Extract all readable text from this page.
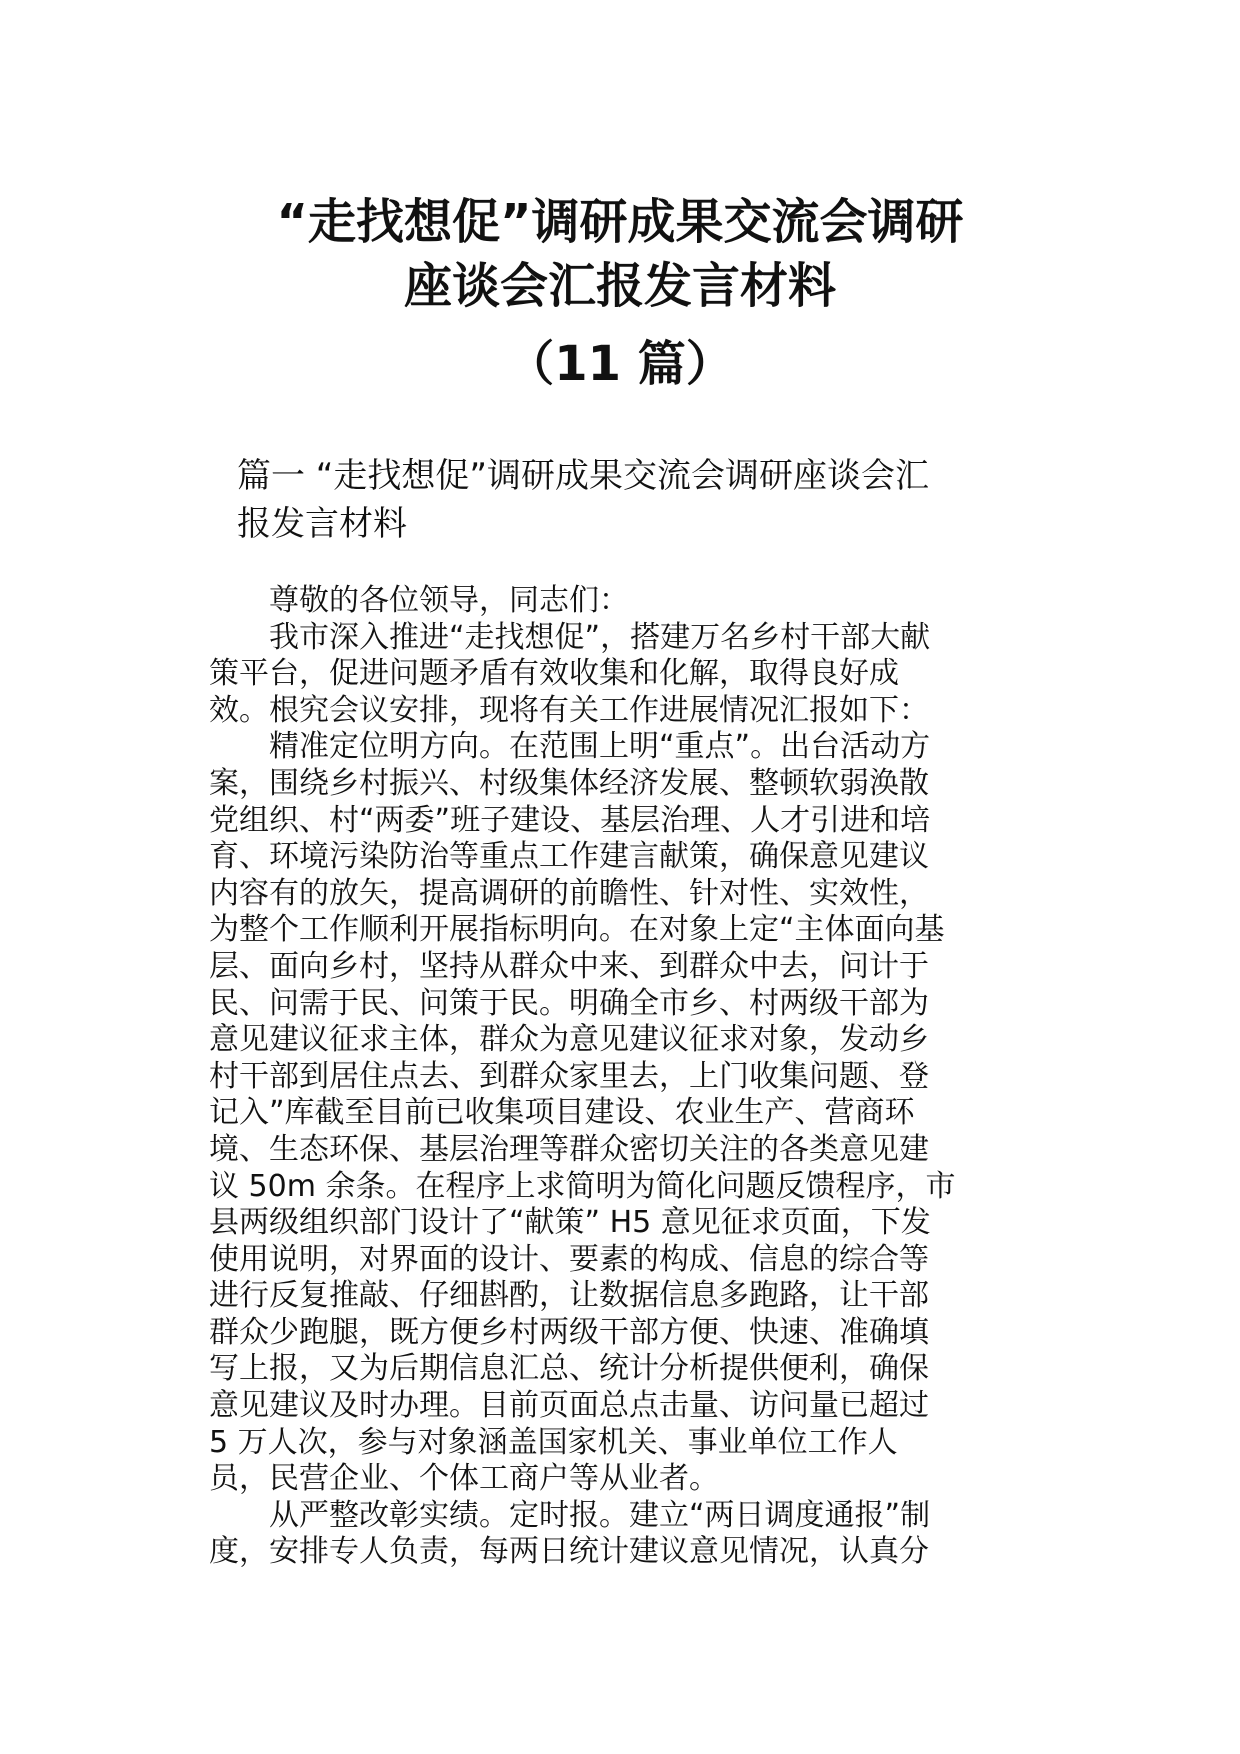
“走找想促”调研成果交流会调研
座谈会汇报发言材料
（11 篇）
篇一 “走找想促”调研成果交流会调研座谈会汇
报发言材料
尊敬的各位领导，同志们：
我市深入推进“走找想促”，搭建万名乡村干部大献
策平台，促进问题矛盾有效收集和化解，取得良好成
效。根究会议安排，现将有关工作进展情况汇报如下：
精准定位明方向。在范围上明“重点”。出台活动方
案，围绕乡村振兴、村级集体经济发展、整顿软弱涣散
党组织、村“两委”班子建设、基层治理、人才引进和培
育、环境污染防治等重点工作建言献策，确保意见建议
内容有的放矢，提高调研的前瞻性、针对性、实效性，
为整个工作顺利开展指标明向。在对象上定“主体面向基
层、面向乡村，坚持从群众中来、到群众中去，问计于
民、问需于民、问策于民。明确全市乡、村两级干部为
意见建议征求主体，群众为意见建议征求对象，发动乡
村干部到居住点去、到群众家里去，上门收集问题、登
记入”库截至目前已收集项目建设、农业生产、营商环
境、生态环保、基层治理等群众密切关注的各类意见建
议 50m 余条。在程序上求简明为简化问题反馈程序，市
县两级组织部门设计了“献策” H5 意见征求页面，下发
使用说明，对界面的设计、要素的构成、信息的综合等
进行反复推敲、仔细斟酌，让数据信息多跑路，让干部
群众少跑腿，既方便乡村两级干部方便、快速、准确填
写上报，又为后期信息汇总、统计分析提供便利，确保
意见建议及时办理。目前页面总点击量、访问量已超过
5 万人次，参与对象涵盖国家机关、事业单位工作人
员，民营企业、个体工商户等从业者。
从严整改彰实绩。定时报。建立“两日调度通报”制
度，安排专人负责，每两日统计建议意见情况，认真分
